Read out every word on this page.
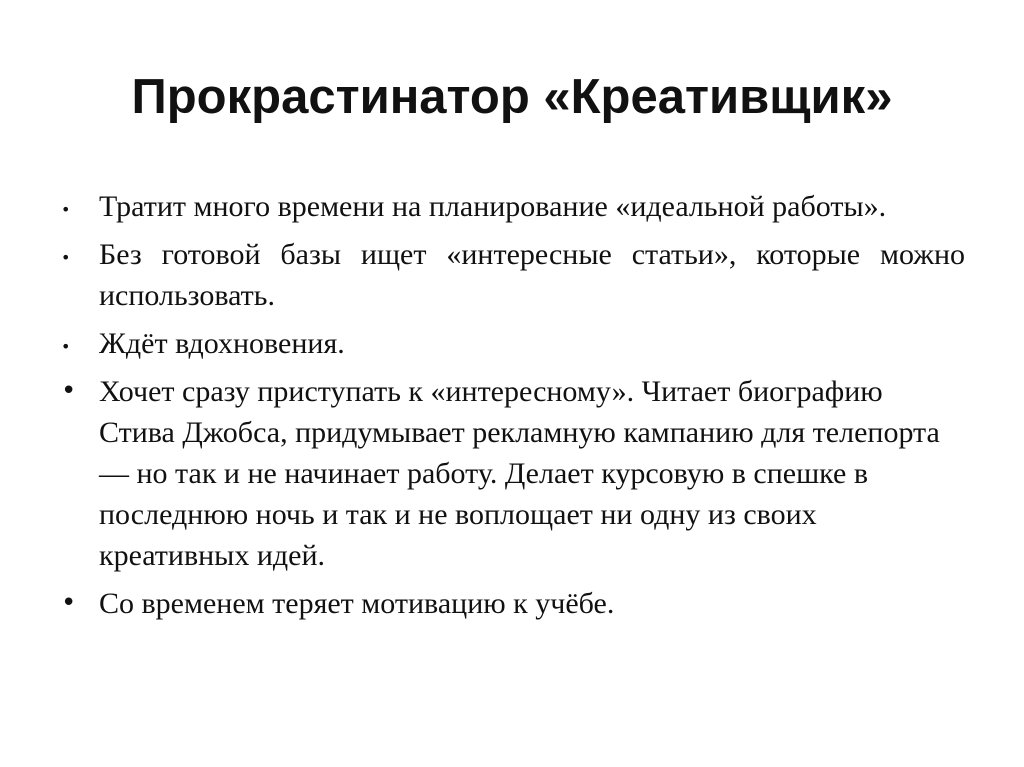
Прокрастинатор «Креативщик»
• Тратит много времени на планирование «идеальной работы».
• Без готовой базы ищет «интересные статьи», которые можно использовать.
• Ждёт вдохновения.
• Хочет сразу приступать к «интересному». Читает биографию Стива Джобса, придумывает рекламную кампанию для телепорта — но так и не начинает работу. Делает курсовую в спешке в последнюю ночь и так и не воплощает ни одну из своих креативных идей.
• Со временем теряет мотивацию к учёбе.
